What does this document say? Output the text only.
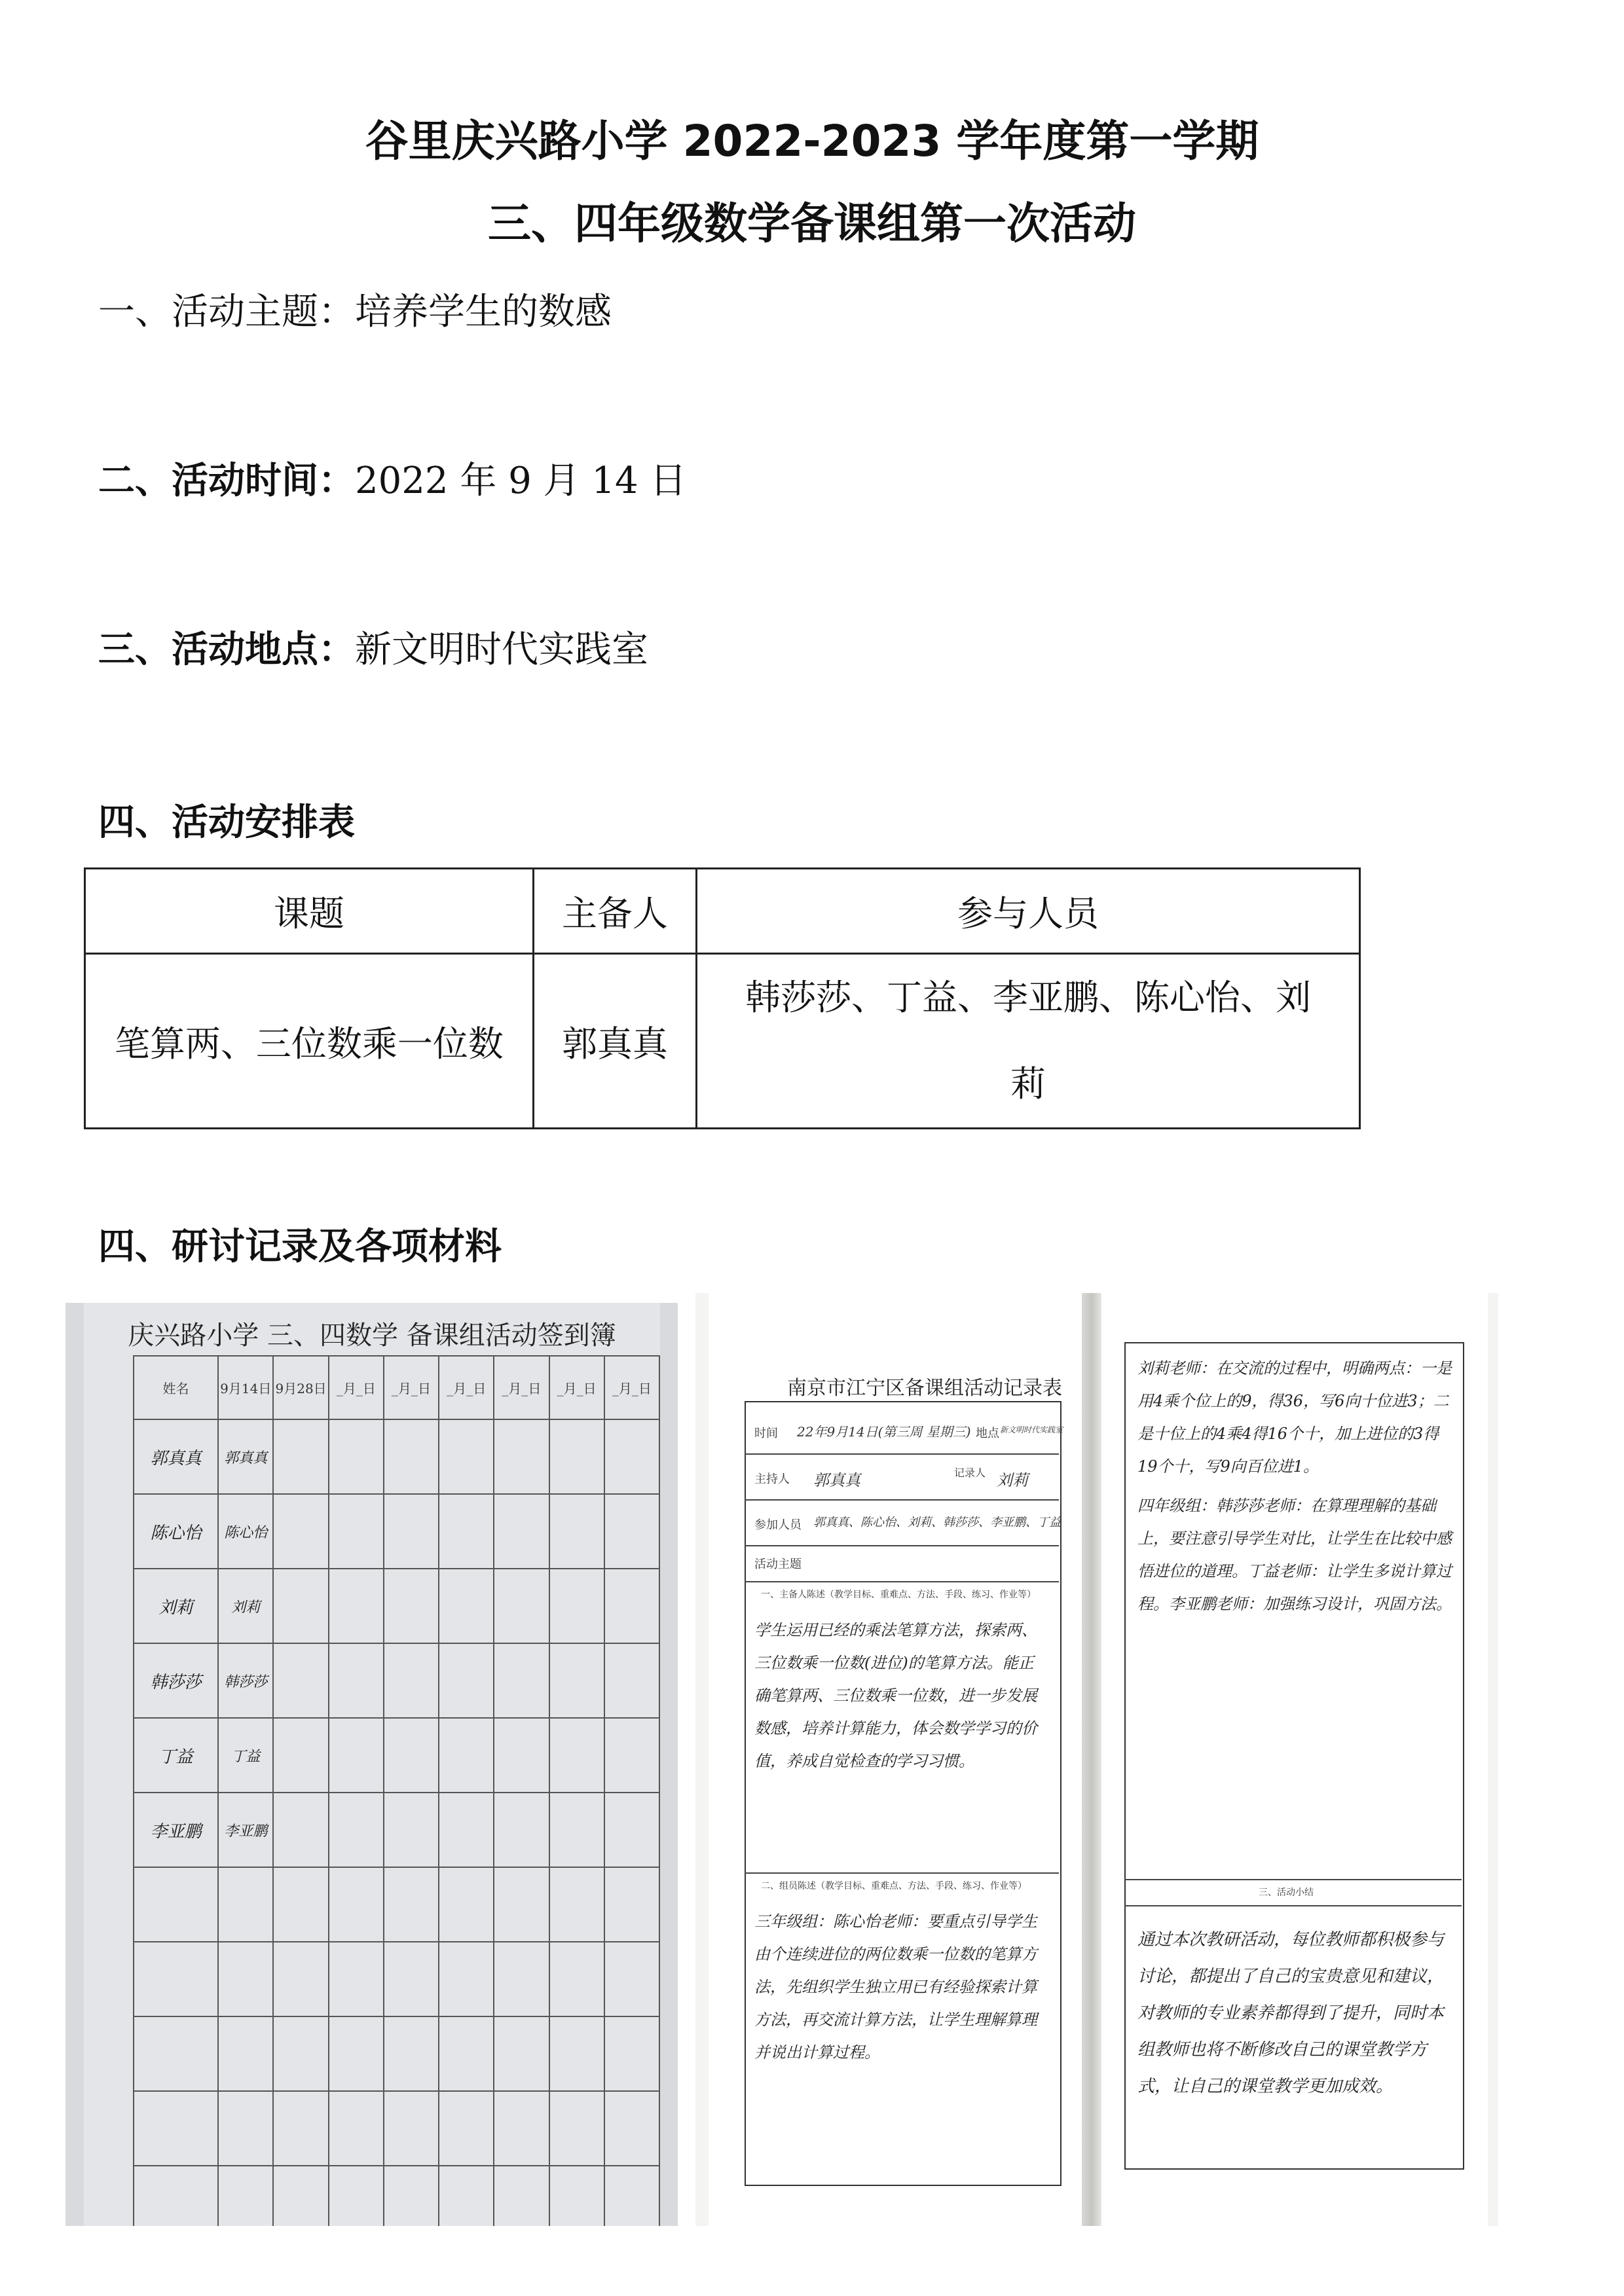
谷里庆兴路小学 2022-2023 学年度第一学期
三、四年级数学备课组第一次活动
一、活动主题：培养学生的数感
二、活动时间：2022 年 9 月 14 日
三、活动地点：新文明时代实践室
四、活动安排表
课题	主备人	参与人员
笔算两、三位数乘一位数	郭真真	韩莎莎、丁益、李亚鹏、陈心怡、刘
莉
四、研讨记录及各项材料
庆兴路小学 三、四数学 备课组活动签到簿
姓名	9月14日	9月28日	_月_日	_月_日	_月_日	_月_日	_月_日	_月_日
郭真真	郭真真							
陈心怡	陈心怡							
刘莉	刘莉							
韩莎莎	韩莎莎							
丁益	丁益							
李亚鹏	李亚鹏							

南京市江宁区备课组活动记录表
时间 22年9月14日(第三周 星期三) 地点 新文明时代实践室
主持人 郭真真	记录人 刘莉
参加人员 郭真真、陈心怡、刘莉、韩莎莎、李亚鹏、丁益
活动主题
一、主备人陈述（教学目标、重难点、方法、手段、练习、作业等）
学生运用已经的乘法笔算方法，探索两、三位数乘一位数(进位)的笔算方法。能正确笔算两、三位数乘一位数，进一步发展数感，培养计算能力，体会数学学习的价值，养成自觉检查的学习习惯。
二、组员陈述（教学目标、重难点、方法、手段、练习、作业等）
三年级组：陈心怡老师：要重点引导学生由个连续进位的两位数乘一位数的笔算方法，先组织学生独立用已有经验探索计算方法，再交流计算方法，让学生理解算理并说出计算过程。
刘莉老师：在交流的过程中，明确两点：一是用4乘个位上的9，得36，写6向十位进3；二是十位上的4乘4得16个十，加上进位的3得19个十，写9向百位进1。
四年级组：韩莎莎老师：在算理理解的基础上，要注意引导学生对比，让学生在比较中感悟进位的道理。丁益老师：让学生多说计算过程。李亚鹏老师：加强练习设计，巩固方法。
三、活动小结
通过本次教研活动，每位教师都积极参与讨论，都提出了自己的宝贵意见和建议，对教师的专业素养都得到了提升，同时本组教师也将不断修改自己的课堂教学方式，让自己的课堂教学更加成效。
